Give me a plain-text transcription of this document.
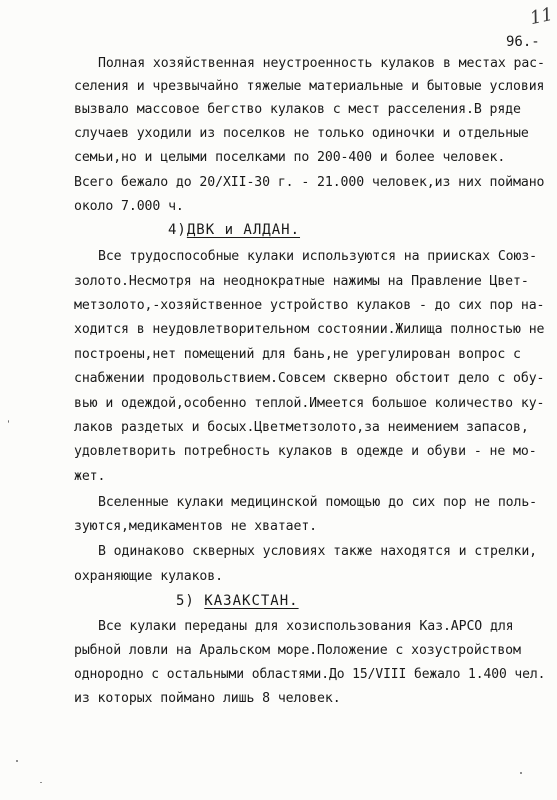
11
96.-
Полная хозяйственная неустроенность кулаков в местах рас-
селения и чрезвычайно тяжелые материальные и бытовые условия
вызвало массовое бегство кулаков с мест расселения.В ряде
случаев уходили из поселков не только одиночки и отдельные
семьи,но и целыми поселками по 200-400 и более человек.
Всего бежало до 20/XII-30 г. - 21.000 человек,из них поймано
около 7.000 ч.
4)ДВК и АЛДАН.
Все трудоспособные кулаки используются на приисках Союз-
золото.Несмотря на неоднократные нажимы на Правление Цвет-
метзолото,-хозяйственное устройство кулаков - до сих пор на-
ходится в неудовлетворительном состоянии.Жилища полностью не
построены,нет помещений для бань,не урегулирован вопрос с
снабжении продовольствием.Совсем скверно обстоит дело с обу-
вью и одеждой,особенно теплой.Имеется большое количество ку-
лаков раздетых и босых.Цветметзолото,за неимением запасов,
удовлетворить потребность кулаков в одежде и обуви - не мо-
жет.
Вселенные кулаки медицинской помощью до сих пор не поль-
зуются,медикаментов не хватает.
В одинаково скверных условиях также находятся и стрелки,
охраняющие кулаков.
5) КАЗАКСТАН.
Все кулаки переданы для хозиспользования Каз.АРСО для
рыбной ловли на Аральском море.Положение с хозустройством
однородно с остальными областями.До 15/VIII бежало 1.400 чел.
из которых поймано лишь 8 человек.
